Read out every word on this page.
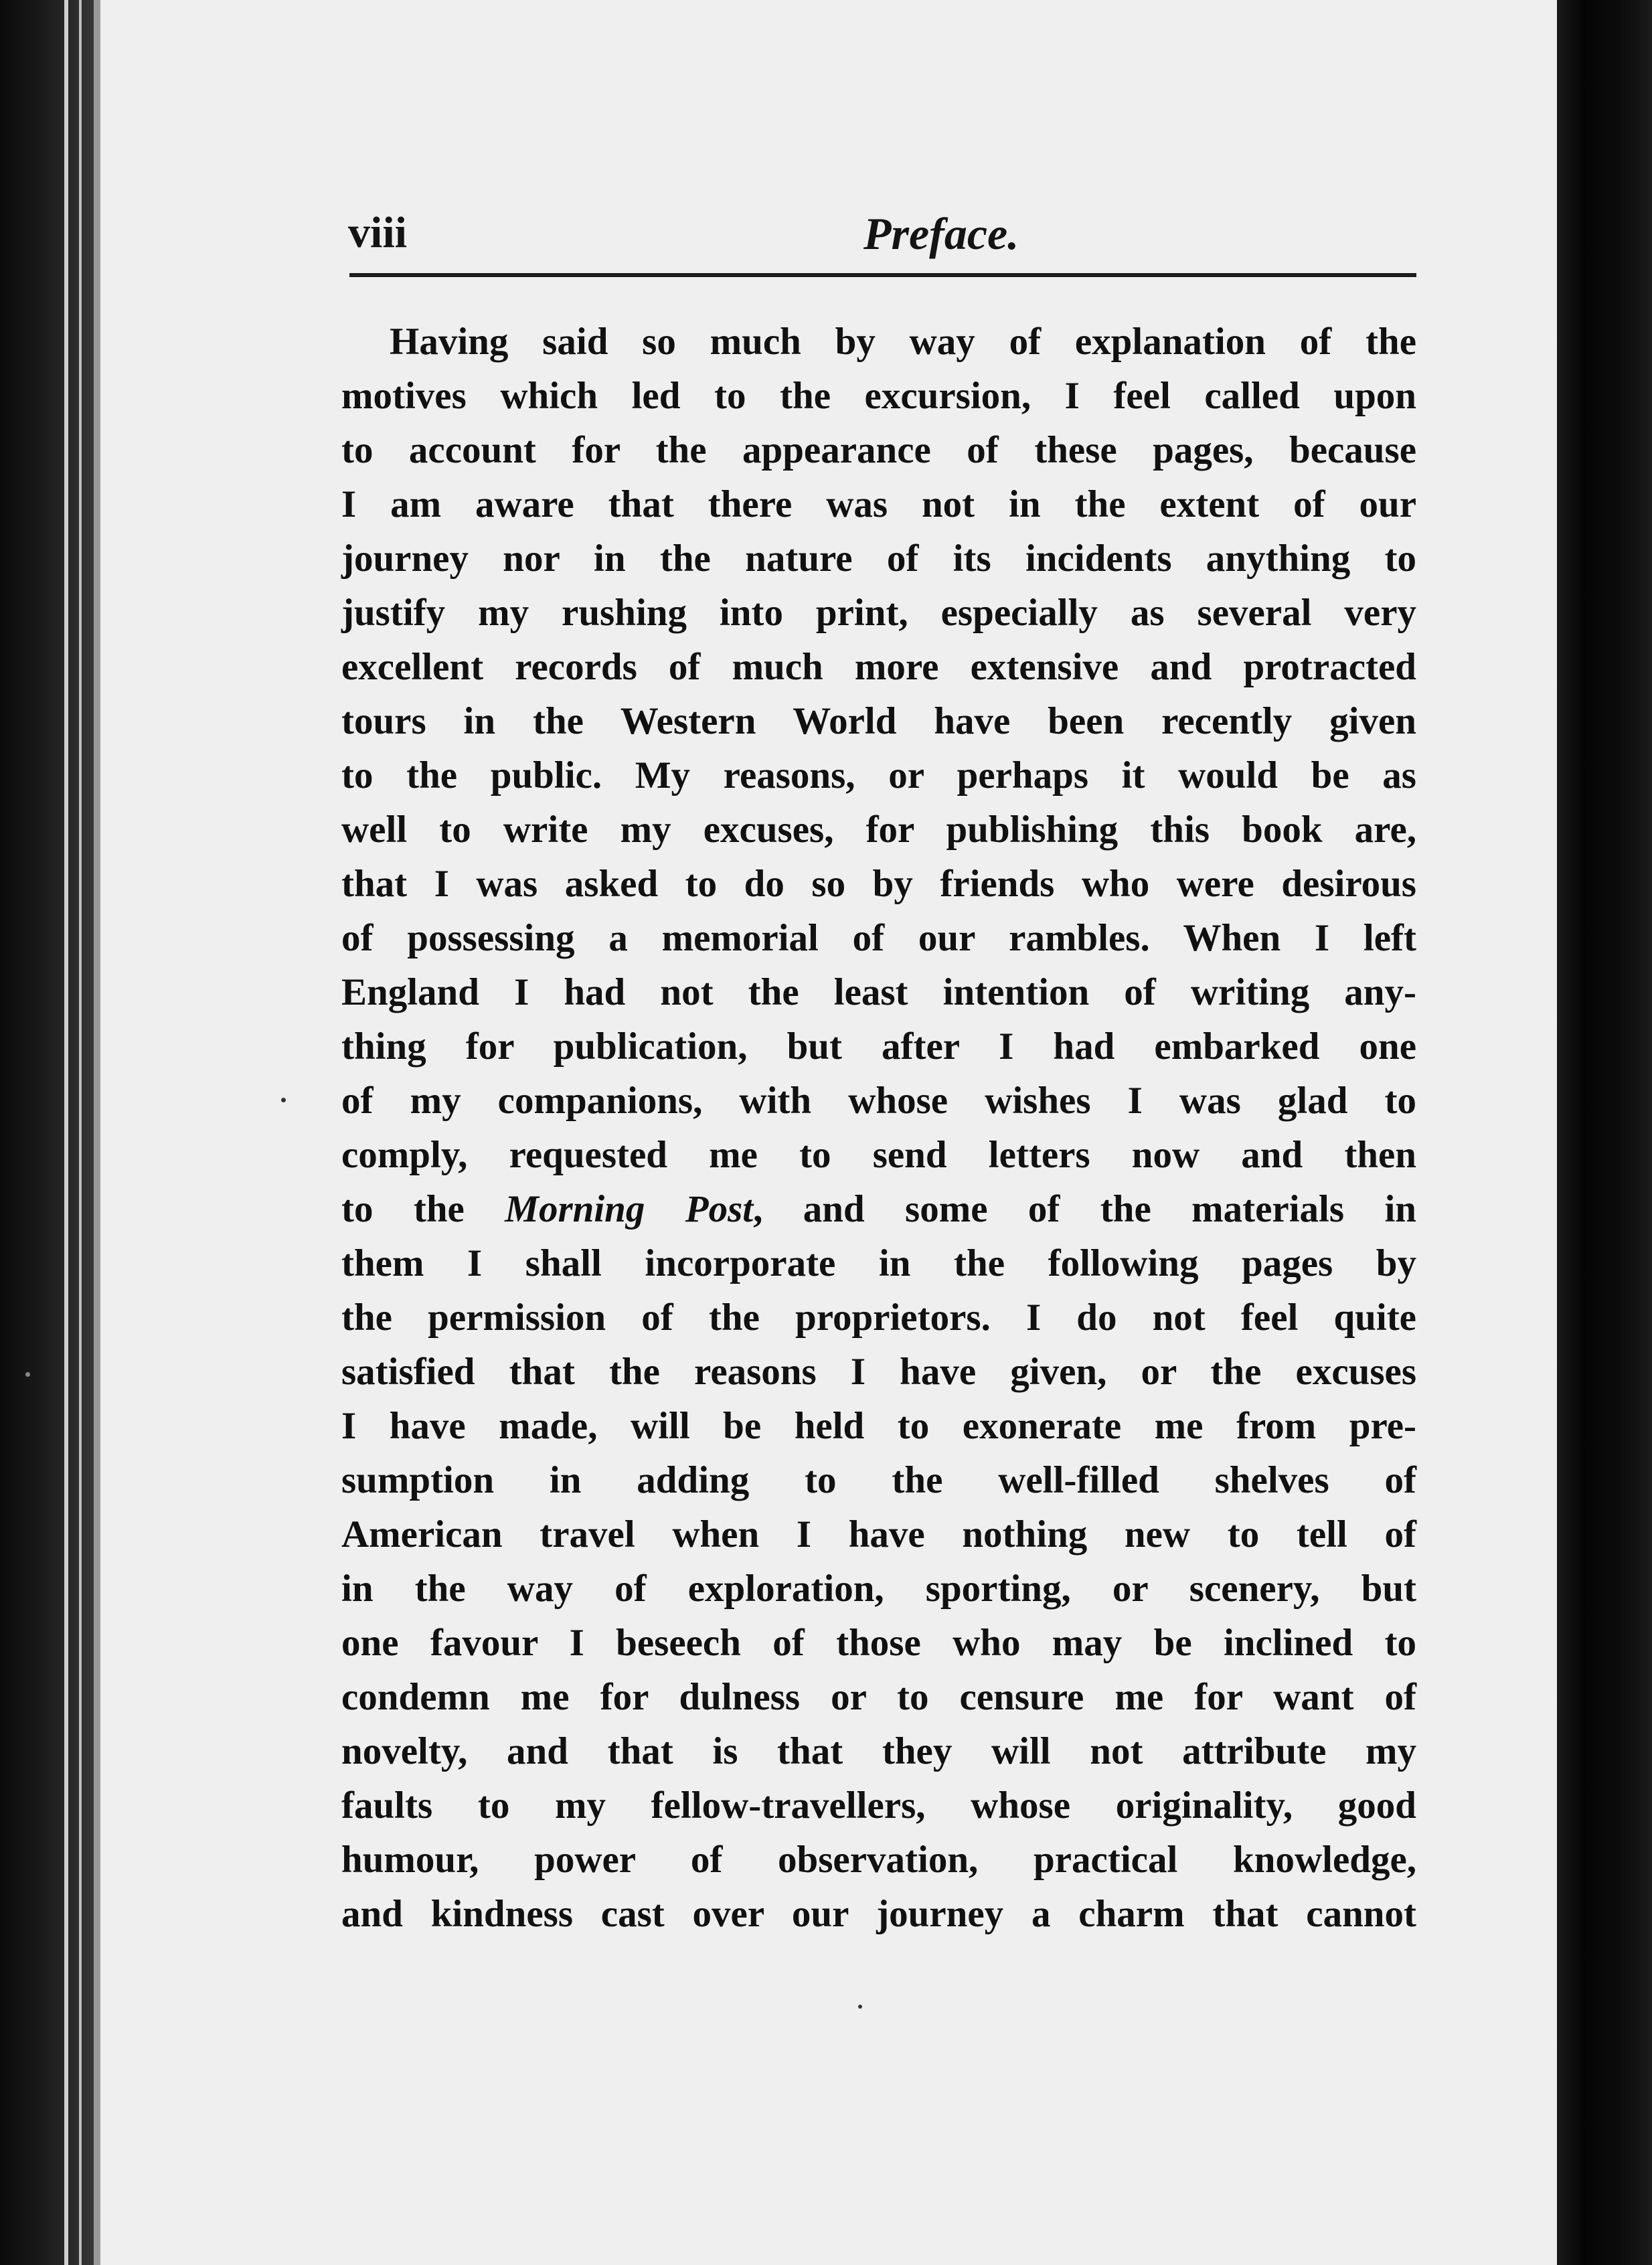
viii	Preface.
Having said so much by way of explanation of the
motives which led to the excursion, I feel called upon
to account for the appearance of these pages, because
I am aware that there was not in the extent of our
journey nor in the nature of its incidents anything to
justify my rushing into print, especially as several very
excellent records of much more extensive and protracted
tours in the Western World have been recently given
to the public. My reasons, or perhaps it would be as
well to write my excuses, for publishing this book are,
that I was asked to do so by friends who were desirous
of possessing a memorial of our rambles. When I left
England I had not the least intention of writing any-
thing for publication, but after I had embarked one
of my companions, with whose wishes I was glad to
comply, requested me to send letters now and then
to the Morning Post, and some of the materials in
them I shall incorporate in the following pages by
the permission of the proprietors. I do not feel quite
satisfied that the reasons I have given, or the excuses
I have made, will be held to exonerate me from pre-
sumption in adding to the well-filled shelves of
American travel when I have nothing new to tell of
in the way of exploration, sporting, or scenery, but
one favour I beseech of those who may be inclined to
condemn me for dulness or to censure me for want of
novelty, and that is that they will not attribute my
faults to my fellow-travellers, whose originality, good
humour, power of observation, practical knowledge,
and kindness cast over our journey a charm that cannot
